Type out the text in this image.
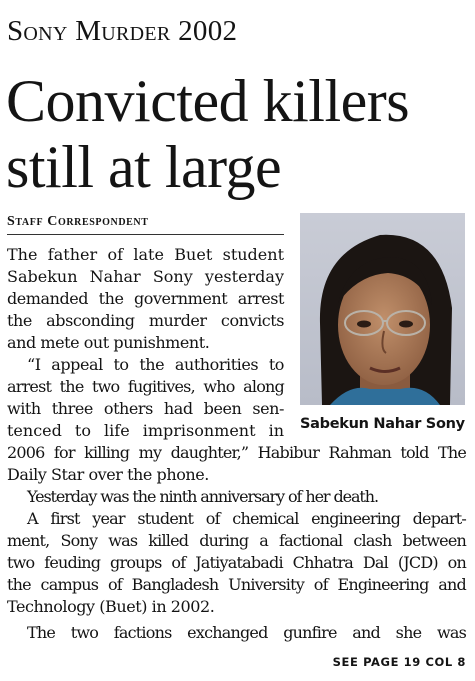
Sony Murder 2002
Convicted killers
still at large
Staff Correspondent
Sabekun Nahar Sony
The father of late Buet student
Sabekun Nahar Sony yesterday
demanded the government arrest
the absconding murder convicts
and mete out punishment.
“I appeal to the authorities to
arrest the two fugitives, who along
with three others had been sen-
tenced to life imprisonment in
2006 for killing my daughter,” Habibur Rahman told The
Daily Star over the phone.
Yesterday was the ninth anniversary of her death.
A first year student of chemical engineering depart-
ment, Sony was killed during a factional clash between
two feuding groups of Jatiyatabadi Chhatra Dal (JCD) on
the campus of Bangladesh University of Engineering and
Technology (Buet) in 2002.
The two factions exchanged gunfire and she was
SEE PAGE 19 COL 8
